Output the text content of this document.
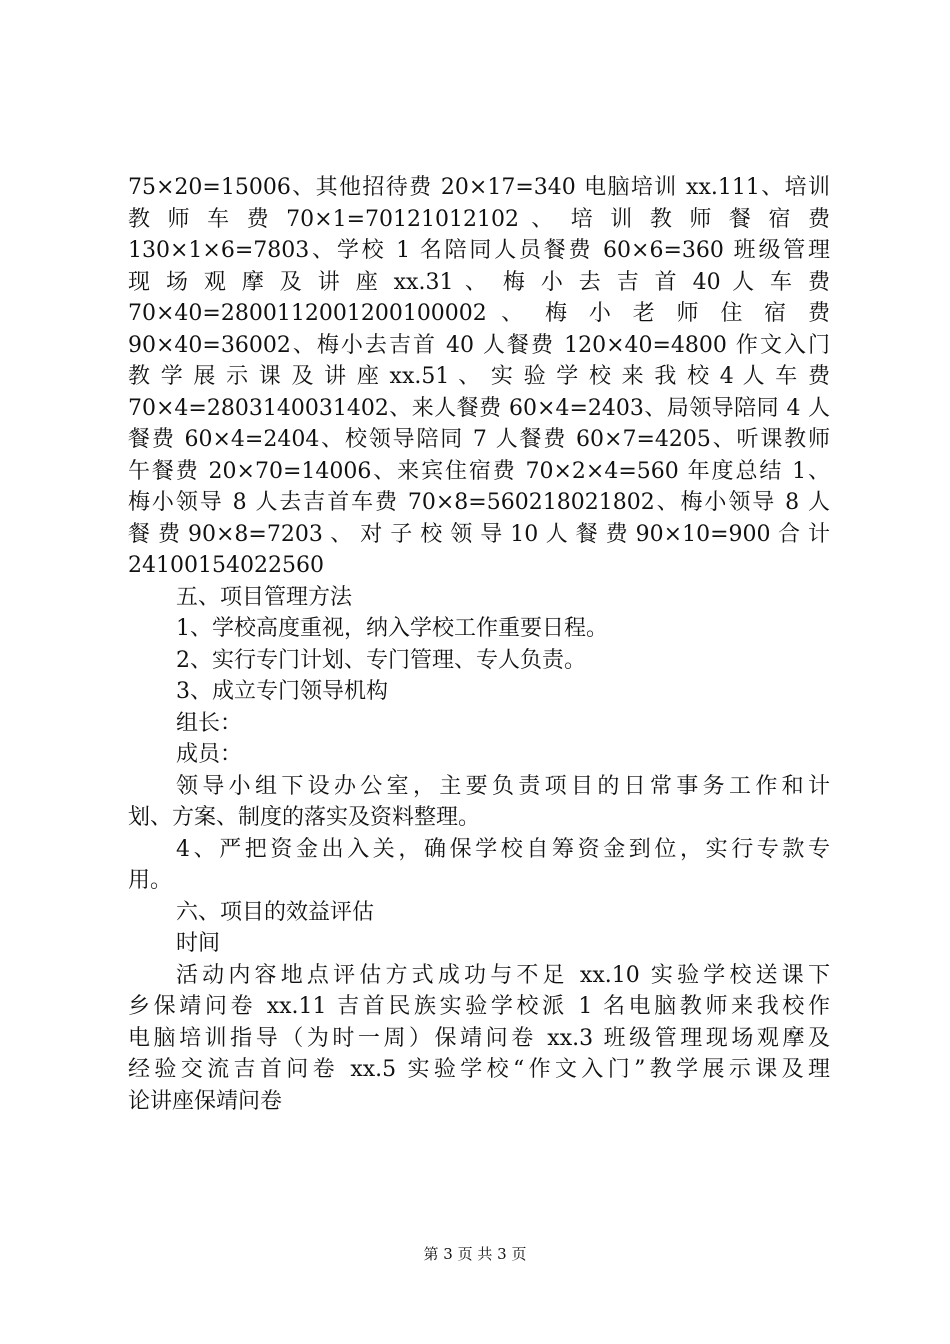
75×20=15006、其他招待费 20×17=340 电脑培训 xx.111、培训
教 师 车 费 70×1=70121012102 、 培 训 教 师 餐 宿 费
130×1×6=7803、学校 1 名陪同人员餐费 60×6=360 班级管理
现 场 观 摩 及 讲 座 xx.31 、 梅 小 去 吉 首 40 人 车 费
70×40=2800112001200100002 、 梅 小 老 师 住 宿 费
90×40=36002、梅小去吉首 40 人餐费 120×40=4800 作文入门
教 学 展 示 课 及 讲 座 xx.51 、 实 验 学 校 来 我 校 4 人 车 费
70×4=2803140031402、来人餐费 60×4=2403、局领导陪同 4 人
餐费 60×4=2404、校领导陪同 7 人餐费 60×7=4205、听课教师
午餐费 20×70=14006、来宾住宿费 70×2×4=560 年度总结 1、
梅小领导 8 人去吉首车费 70×8=560218021802、梅小领导 8 人
餐 费 90×8=7203 、 对 子 校 领 导 10 人 餐 费 90×10=900 合 计
24100154022560
五、项目管理方法
1、学校高度重视，纳入学校工作重要日程。
2、实行专门计划、专门管理、专人负责。
3、成立专门领导机构
组长：
成员：
领导小组下设办公室，主要负责项目的日常事务工作和计
划、方案、制度的落实及资料整理。
4、严把资金出入关，确保学校自筹资金到位，实行专款专
用。
六、项目的效益评估
时间
活动内容地点评估方式成功与不足 xx.10 实验学校送课下
乡保靖问卷 xx.11 吉首民族实验学校派 1 名电脑教师来我校作
电脑培训指导（为时一周）保靖问卷 xx.3 班级管理现场观摩及
经验交流吉首问卷 xx.5 实验学校“作文入门”教学展示课及理
论讲座保靖问卷
第 3 页 共 3 页
